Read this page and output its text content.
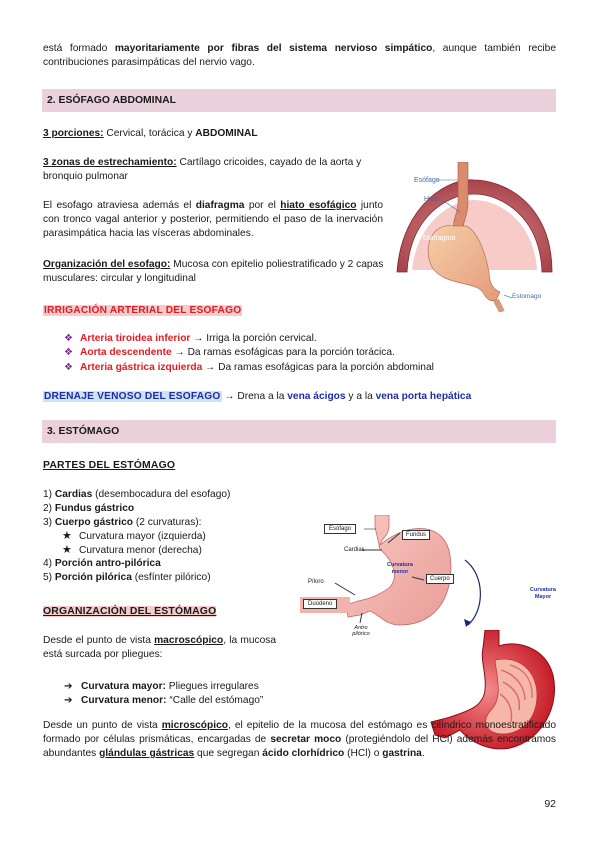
está formado mayoritariamente por fibras del sistema nervioso simpático, aunque también recibe contribuciones parasimpáticas del nervio vago.
2. ESÓFAGO ABDOMINAL
3 porciones: Cervical, torácica y ABDOMINAL
3 zonas de estrechamiento: Cartílago cricoides, cayado de la aorta y bronquio pulmonar
El esofago atraviesa además el diafragma por el hiato esofágico junto con tronco vagal anterior y posterior, permitiendo el paso de la inervación parasimpática hacia las vísceras abdominales.
Organización del esofago: Mucosa con epitelio poliestratificado y 2 capas musculares: circular y longitudinal
Esófago
Hiato
Diafragma
Estomago
IRRIGACIÓN ARTERIAL DEL ESOFAGO
❖ Arteria tiroidea inferior → Irriga la porción cervical.
❖ Aorta descendente → Da ramas esofágicas para la porción torácica.
❖ Arteria gástrica izquierda → Da ramas esofágicas para la porción abdominal
DRENAJE VENOSO DEL ESOFAGO → Drena a la vena ácigos y a la vena porta hepática
3. ESTÓMAGO
PARTES DEL ESTÓMAGO
1) Cardias (desembocadura del esofago)
2) Fundus gástrico
3) Cuerpo gástrico (2 curvaturas):
★ Curvatura mayor (izquierda)
★ Curvatura menor (derecha)
4) Porción antro-pilórica
5) Porción pilórica (esfínter pilórico)
Esófago
Fundus
Cardias
Curvatura menor
Cuerpo
Píloro
Duodeno
Antro pilórico
Curvatura Mayor
ORGANIZACIÓN DEL ESTÓMAGO
Desde el punto de vista macroscópico, la mucosa está surcada por pliegues:
➔ Curvatura mayor: Pliegues irregulares
➔ Curvatura menor: “Calle del estómago”
Desde un punto de vista microscópico, el epitelio de la mucosa del estómago es cilíndrico monoestratificado formado por células prismáticas, encargadas de secretar moco (protegiéndolo del HCl) además encontramos abundantes glándulas gástricas que segregan ácido clorhídrico (HCl) o gastrina.
92
